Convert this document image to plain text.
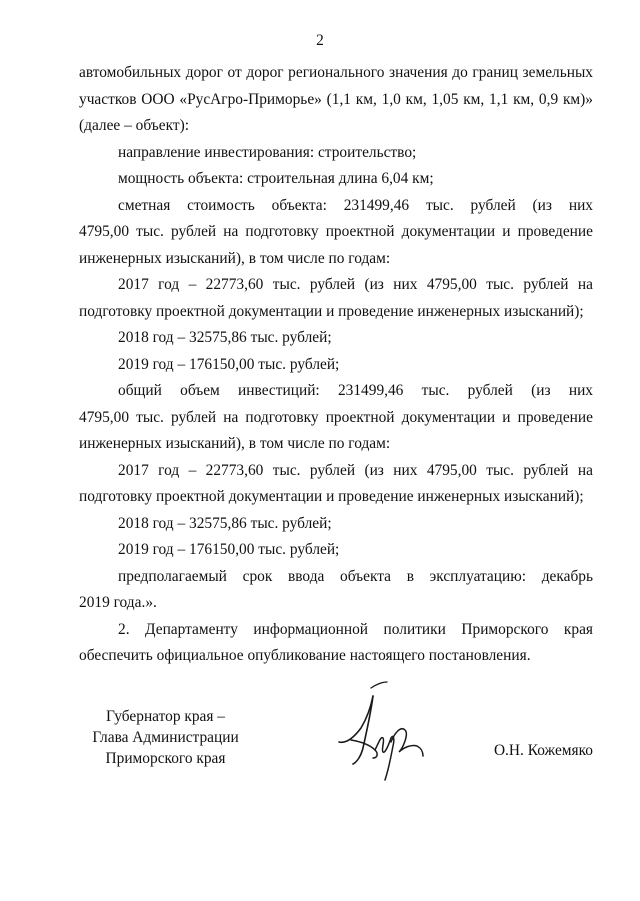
2
автомобильных дорог от дорог регионального значения до границ земельных
участков ООО «РусАгро-Приморье» (1,1 км, 1,0 км, 1,05 км, 1,1 км, 0,9 км)»
(далее – объект):
направление инвестирования: строительство;
мощность объекта: строительная длина 6,04 км;
сметная стоимость объекта: 231499,46 тыс. рублей (из них
4795,00 тыс. рублей на подготовку проектной документации и проведение
инженерных изысканий), в том числе по годам:
2017 год – 22773,60 тыс. рублей (из них 4795,00 тыс. рублей на
подготовку проектной документации и проведение инженерных изысканий);
2018 год – 32575,86 тыс. рублей;
2019 год – 176150,00 тыс. рублей;
общий объем инвестиций: 231499,46 тыс. рублей (из них
4795,00 тыс. рублей на подготовку проектной документации и проведение
инженерных изысканий), в том числе по годам:
2017 год – 22773,60 тыс. рублей (из них 4795,00 тыс. рублей на
подготовку проектной документации и проведение инженерных изысканий);
2018 год – 32575,86 тыс. рублей;
2019 год – 176150,00 тыс. рублей;
предполагаемый срок ввода объекта в эксплуатацию: декабрь
2019 года.».
2. Департаменту информационной политики Приморского края
обеспечить официальное опубликование настоящего постановления.
Губернатор края –
Глава Администрации
Приморского края	О.Н. Кожемяко
